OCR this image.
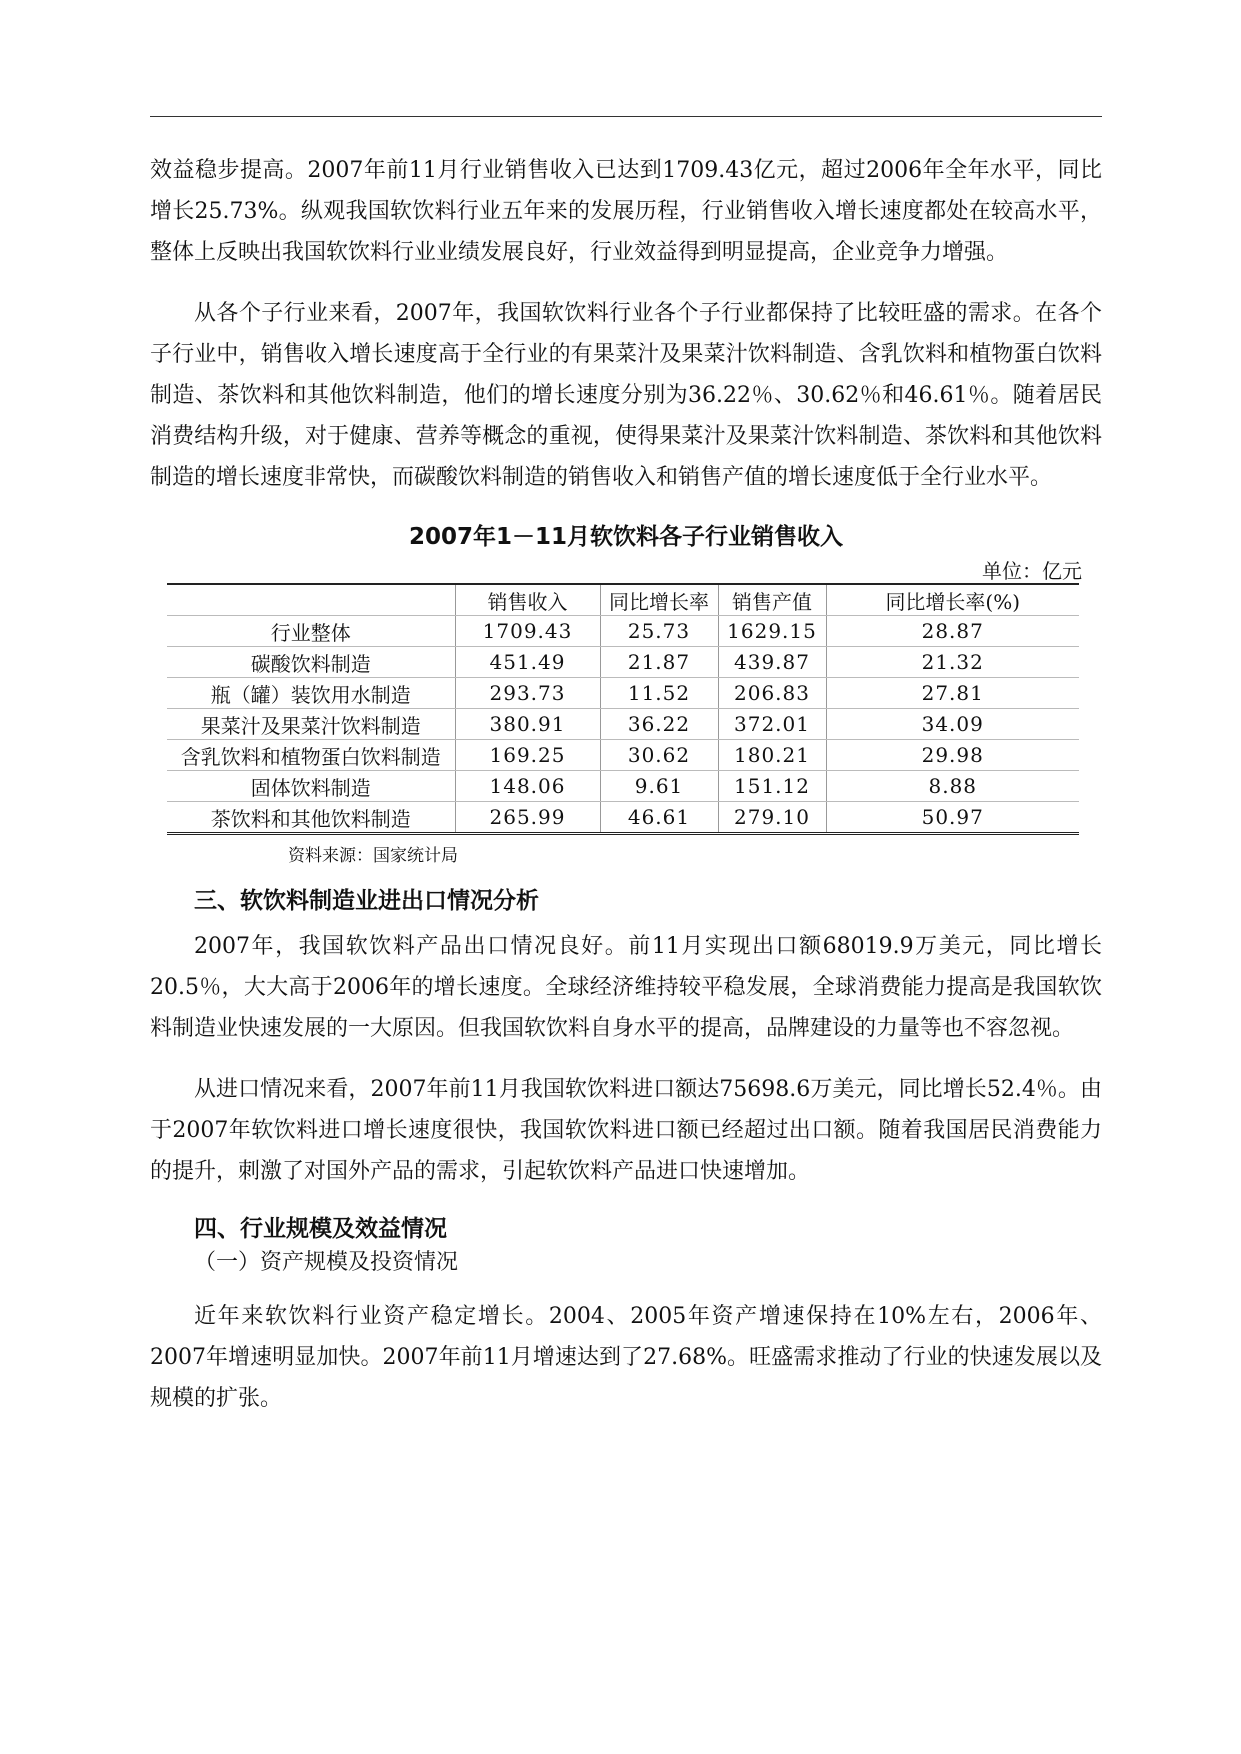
效益稳步提高。2007年前11月行业销售收入已达到1709.43亿元，超过2006年全年水平，同比增长25.73%。纵观我国软饮料行业五年来的发展历程，行业销售收入增长速度都处在较高水平，整体上反映出我国软饮料行业业绩发展良好，行业效益得到明显提高，企业竞争力增强。

从各个子行业来看，2007年，我国软饮料行业各个子行业都保持了比较旺盛的需求。在各个子行业中，销售收入增长速度高于全行业的有果菜汁及果菜汁饮料制造、含乳饮料和植物蛋白饮料制造、茶饮料和其他饮料制造，他们的增长速度分别为36.22％、30.62％和46.61％。随着居民消费结构升级，对于健康、营养等概念的重视，使得果菜汁及果菜汁饮料制造、茶饮料和其他饮料制造的增长速度非常快，而碳酸饮料制造的销售收入和销售产值的增长速度低于全行业水平。

2007年1－11月软饮料各子行业销售收入
单位：亿元
	销售收入	同比增长率	销售产值	同比增长率(%)
行业整体	1709.43	25.73	1629.15	28.87
碳酸饮料制造	451.49	21.87	439.87	21.32
瓶（罐）装饮用水制造	293.73	11.52	206.83	27.81
果菜汁及果菜汁饮料制造	380.91	36.22	372.01	34.09
含乳饮料和植物蛋白饮料制造	169.25	30.62	180.21	29.98
固体饮料制造	148.06	9.61	151.12	8.88
茶饮料和其他饮料制造	265.99	46.61	279.10	50.97
资料来源：国家统计局
三、软饮料制造业进出口情况分析

2007年，我国软饮料产品出口情况良好。前11月实现出口额68019.9万美元，同比增长20.5％，大大高于2006年的增长速度。全球经济维持较平稳发展，全球消费能力提高是我国软饮料制造业快速发展的一大原因。但我国软饮料自身水平的提高，品牌建设的力量等也不容忽视。

从进口情况来看，2007年前11月我国软饮料进口额达75698.6万美元，同比增长52.4％。由于2007年软饮料进口增长速度很快，我国软饮料进口额已经超过出口额。随着我国居民消费能力的提升，刺激了对国外产品的需求，引起软饮料产品进口快速增加。

四、行业规模及效益情况
（一）资产规模及投资情况

近年来软饮料行业资产稳定增长。2004、2005年资产增速保持在10%左右，2006年、2007年增速明显加快。2007年前11月增速达到了27.68%。旺盛需求推动了行业的快速发展以及规模的扩张。
